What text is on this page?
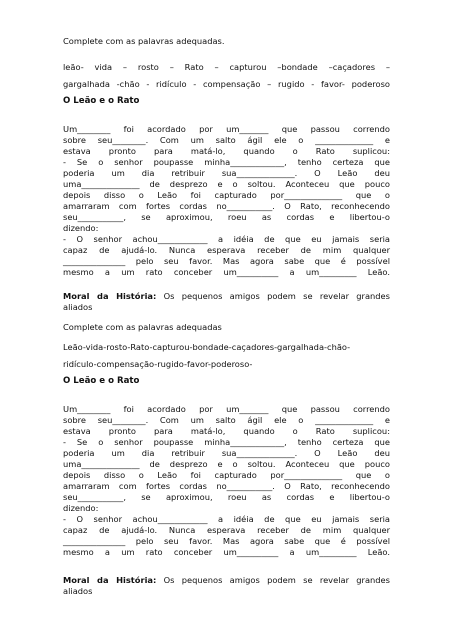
Complete com as palavras adequadas.
leão- vida – rosto – Rato – capturou –bondade –caçadores –
gargalhada -chão - ridículo - compensação – rugido - favor- poderoso
O Leão e o Rato
Um________ foi acordado por um_______ que passou correndo
sobre seu________. Com um salto ágil ele o ______________ e
estava pronto para matá-lo, quando o Rato suplicou:
- Se o senhor poupasse minha_____________, tenho certeza que
poderia um dia retribuir sua______________. O Leão deu
uma______________ de desprezo e o soltou. Aconteceu que pouco
depois disso o Leão foi capturado por______________ que o
amarraram com fortes cordas no___________. O Rato, reconhecendo
seu___________, se aproximou, roeu as cordas e libertou-o
dizendo:
- O senhor achou____________ a idéia de que eu jamais seria
capaz de ajudá-lo. Nunca esperava receber de mim qualquer
_______________ pelo seu favor. Mas agora sabe que é possível
mesmo a um rato conceber um__________ a um_________ Leão.
Moral da História: Os pequenos amigos podem se revelar grandes
aliados
Complete com as palavras adequadas
Leão-vida-rosto-Rato-capturou-bondade-caçadores-gargalhada-chão-
ridículo-compensação-rugido-favor-poderoso-
O Leão e o Rato
Um________ foi acordado por um_______ que passou correndo
sobre seu________. Com um salto ágil ele o ______________ e
estava pronto para matá-lo, quando o Rato suplicou:
- Se o senhor poupasse minha_____________, tenho certeza que
poderia um dia retribuir sua______________. O Leão deu
uma______________ de desprezo e o soltou. Aconteceu que pouco
depois disso o Leão foi capturado por______________ que o
amarraram com fortes cordas no___________. O Rato, reconhecendo
seu___________, se aproximou, roeu as cordas e libertou-o
dizendo:
- O senhor achou____________ a idéia de que eu jamais seria
capaz de ajudá-lo. Nunca esperava receber de mim qualquer
_______________ pelo seu favor. Mas agora sabe que é possível
mesmo a um rato conceber um__________ a um_________ Leão.
Moral da História: Os pequenos amigos podem se revelar grandes
aliados
